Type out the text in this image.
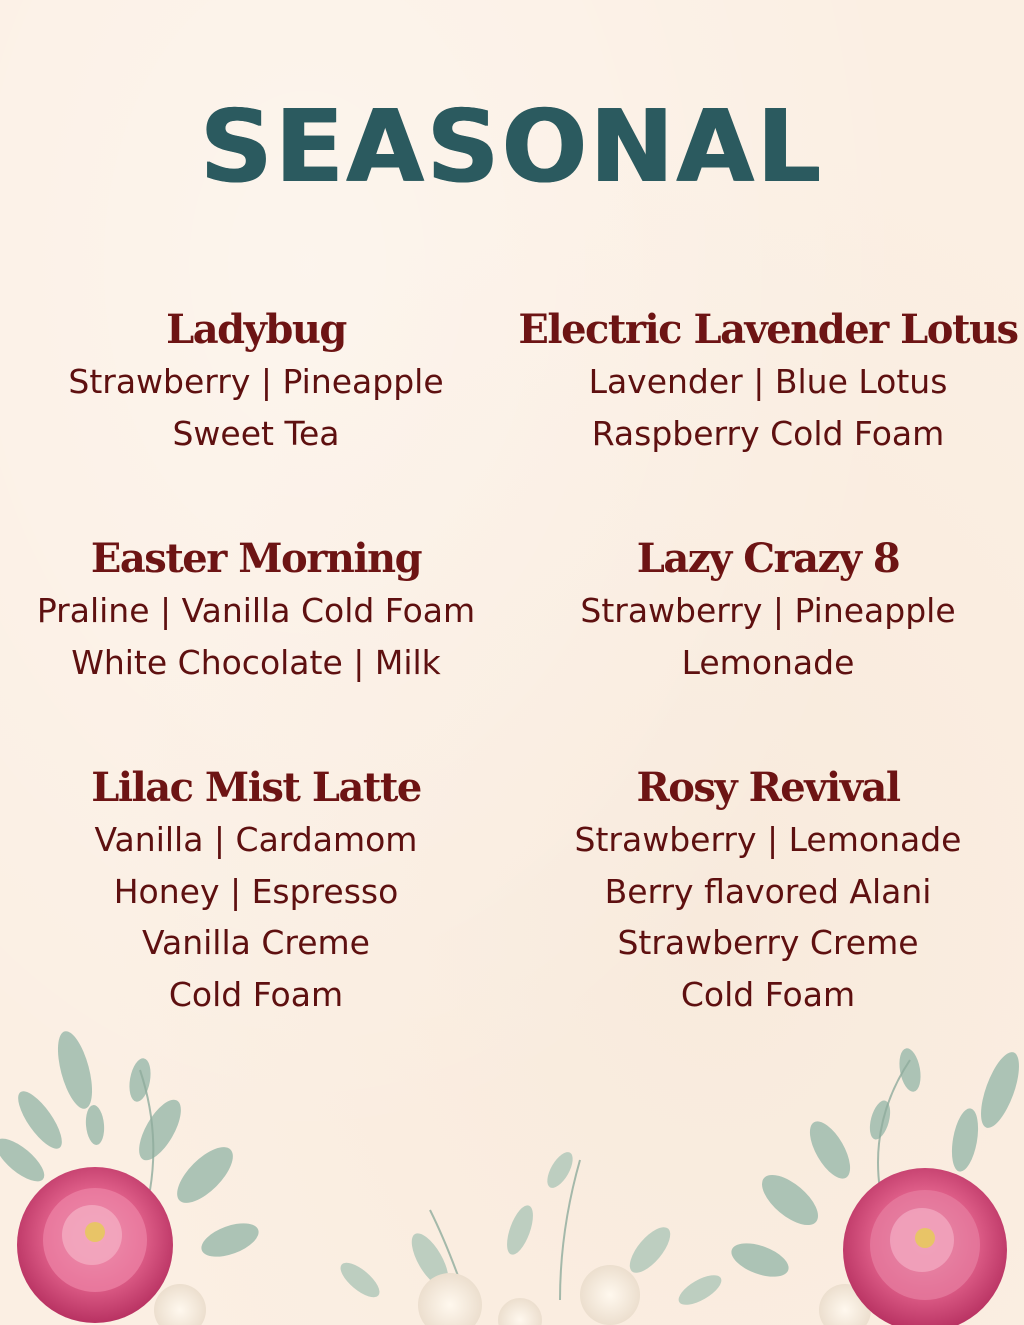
SEASONAL
Ladybug
Strawberry | Pineapple
Sweet Tea
Electric Lavender Lotus
Lavender | Blue Lotus
Raspberry Cold Foam
Easter Morning
Praline | Vanilla Cold Foam
White Chocolate | Milk
Lazy Crazy 8
Strawberry | Pineapple
Lemonade
Lilac Mist Latte
Vanilla | Cardamom
Honey | Espresso
Vanilla Creme
Cold Foam
Rosy Revival
Strawberry | Lemonade
Berry flavored Alani
Strawberry Creme
Cold Foam
